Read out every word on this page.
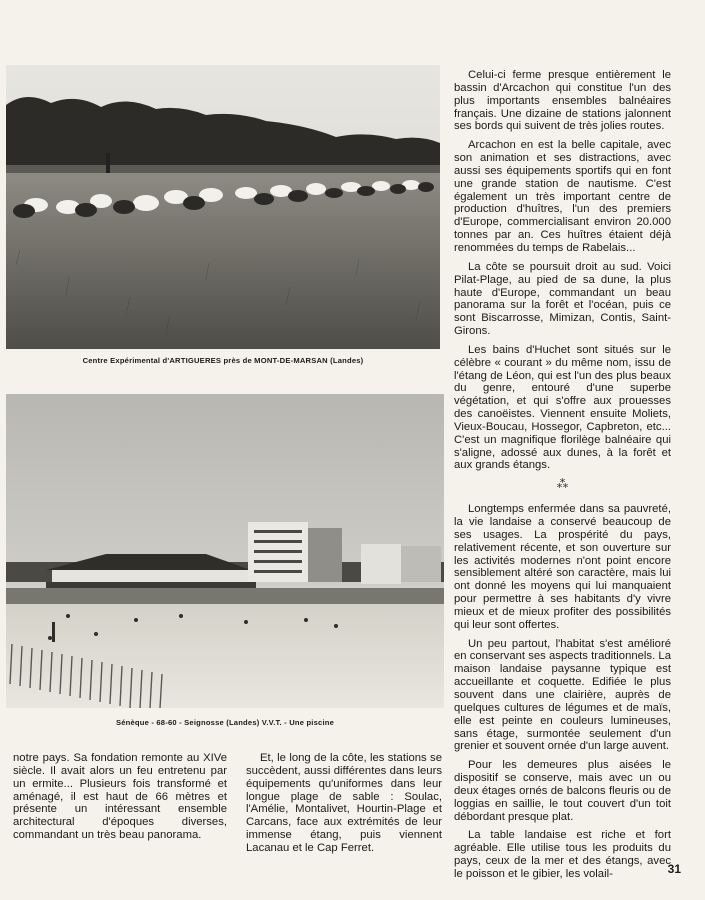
Centre Expérimental d'ARTIGUERES près de MONT-DE-MARSAN (Landes)
Sénèque - 68-60 - Seignosse (Landes) V.V.T. - Une piscine

Celui-ci ferme presque entièrement le bassin d'Arcachon qui constitue l'un des plus importants ensembles balnéaires français. Une dizaine de stations jalonnent ses bords qui suivent de très jolies routes.

Arcachon en est la belle capitale, avec son animation et ses distractions, avec aussi ses équipements sportifs qui en font une grande station de nautisme. C'est également un très important centre de production d'huîtres, l'un des premiers d'Europe, commercialisant environ 20.000 tonnes par an. Ces huîtres étaient déjà renommées du temps de Rabelais...

La côte se poursuit droit au sud. Voici Pilat-Plage, au pied de sa dune, la plus haute d'Europe, commandant un beau panorama sur la forêt et l'océan, puis ce sont Biscarrosse, Mimizan, Contis, Saint-Girons.

Les bains d'Huchet sont situés sur le célèbre « courant » du même nom, issu de l'étang de Léon, qui est l'un des plus beaux du genre, entouré d'une superbe végétation, et qui s'offre aux prouesses des canoëistes. Viennent ensuite Moliets, Vieux-Boucau, Hossegor, Capbreton, etc... C'est un magnifique florilège balnéaire qui s'aligne, adossé aux dunes, à la forêt et aux grands étangs.

⁂

Longtemps enfermée dans sa pauvreté, la vie landaise a conservé beaucoup de ses usages. La prospérité du pays, relativement récente, et son ouverture sur les activités modernes n'ont point encore sensiblement altéré son caractère, mais lui ont donné les moyens qui lui manquaient pour permettre à ses habitants d'y vivre mieux et de mieux profiter des possibilités qui leur sont offertes.

Un peu partout, l'habitat s'est amélioré en conservant ses aspects traditionnels. La maison landaise paysanne typique est accueillante et coquette. Edifiée le plus souvent dans une clairière, auprès de quelques cultures de légumes et de maïs, elle est peinte en couleurs lumineuses, sans étage, surmontée seulement d'un grenier et souvent ornée d'un large auvent.

Pour les demeures plus aisées le dispositif se conserve, mais avec un ou deux étages ornés de balcons fleuris ou de loggias en saillie, le tout couvert d'un toit débordant presque plat.

La table landaise est riche et fort agréable. Elle utilise tous les produits du pays, ceux de la mer et des étangs, avec le poisson et le gibier, les volail-

notre pays. Sa fondation remonte au XIVe siècle. Il avait alors un feu entretenu par un ermite... Plusieurs fois transformé et aménagé, il est haut de 66 mètres et présente un intéressant ensemble architectural d'époques diverses, commandant un très beau panorama.

Et, le long de la côte, les stations se succèdent, aussi différentes dans leurs équipements qu'uniformes dans leur longue plage de sable : Soulac, l'Amélie, Montalivet, Hourtin-Plage et Carcans, face aux extrémités de leur immense étang, puis viennent Lacanau et le Cap Ferret.

31
